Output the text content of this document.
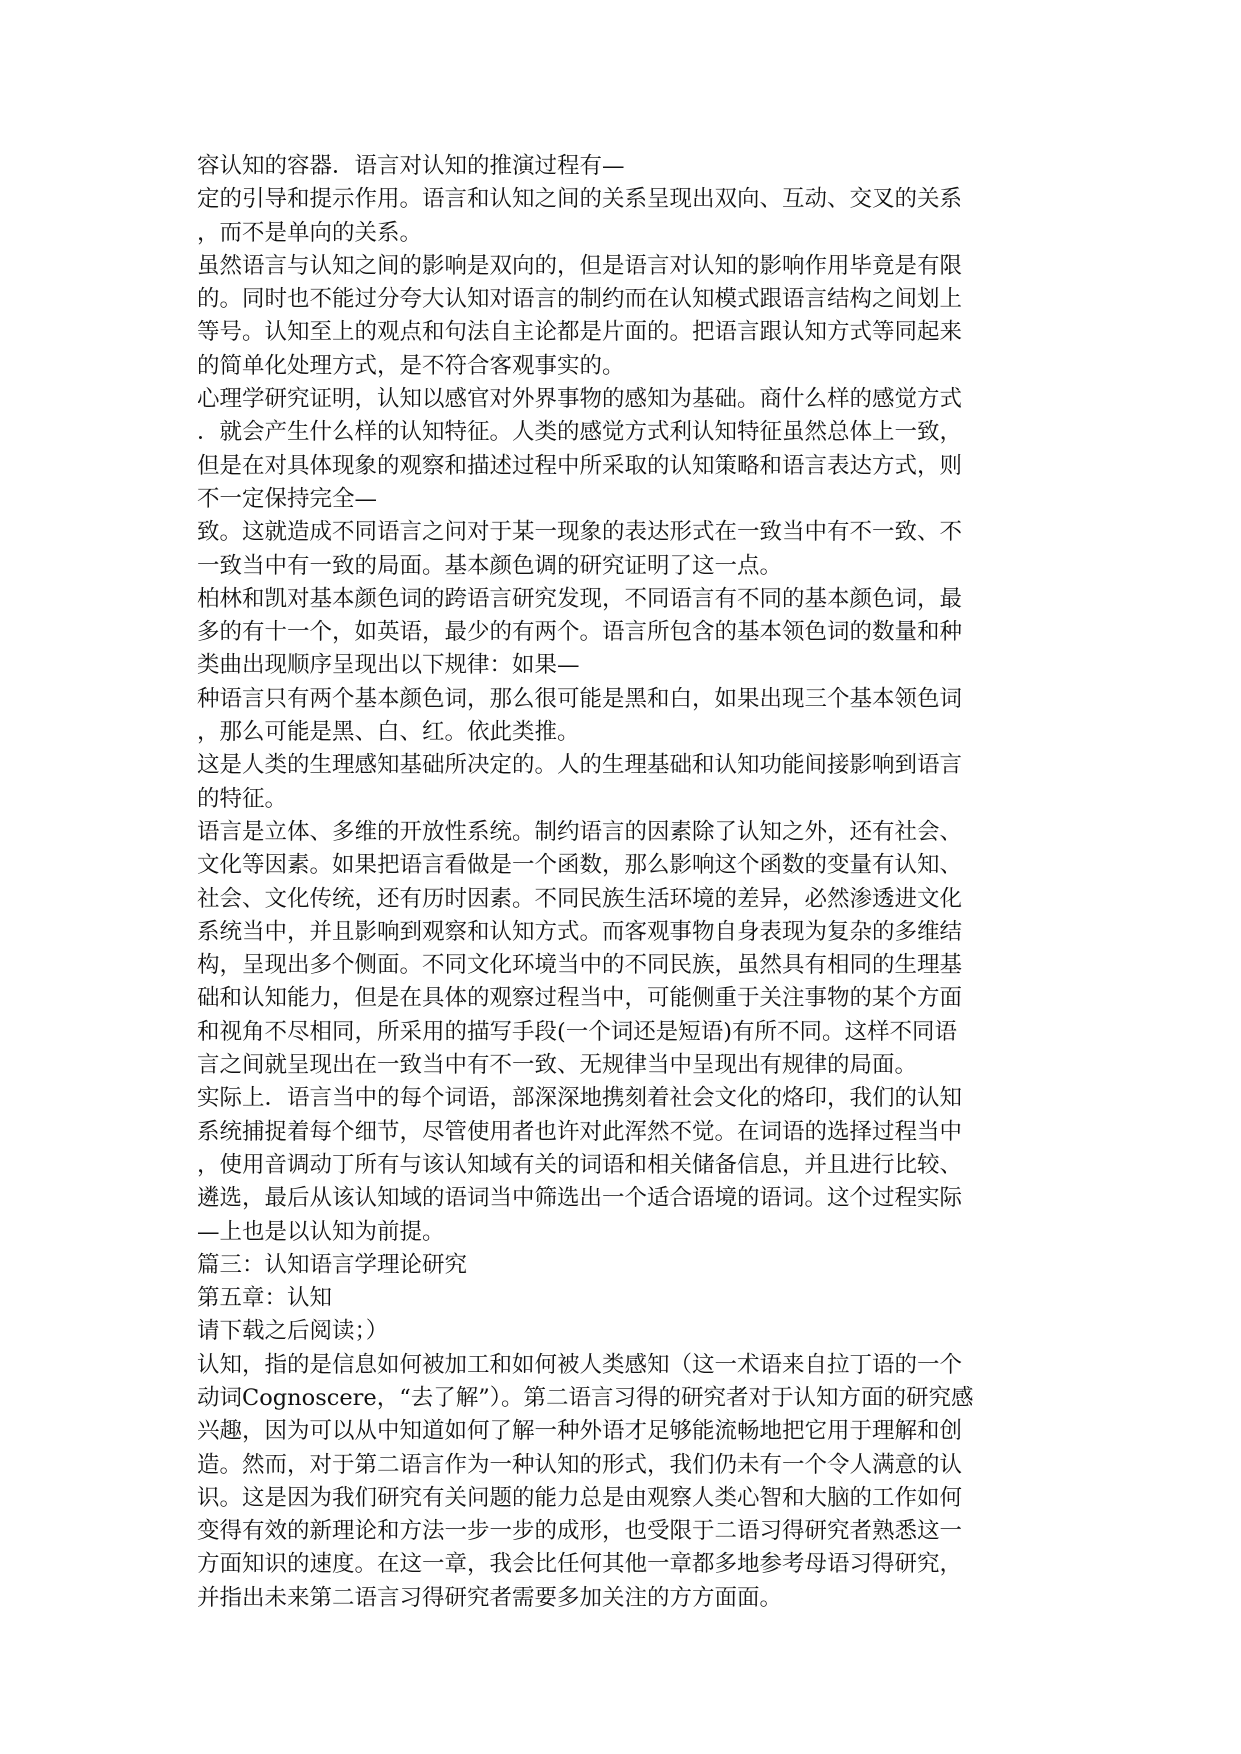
容认知的容器．语言对认知的推演过程有—
定的引导和提示作用。语言和认知之间的关系呈现出双向、互动、交叉的关系
，而不是单向的关系。
虽然语言与认知之间的影响是双向的，但是语言对认知的影响作用毕竟是有限
的。同时也不能过分夸大认知对语言的制约而在认知模式跟语言结构之间划上
等号。认知至上的观点和句法自主论都是片面的。把语言跟认知方式等同起来
的简单化处理方式，是不符合客观事实的。
心理学研究证明，认知以感官对外界事物的感知为基础。商什么样的感觉方式
．就会产生什么样的认知特征。人类的感觉方式利认知特征虽然总体上一致，
但是在对具体现象的观察和描述过程中所采取的认知策略和语言表达方式，则
不一定保持完全—
致。这就造成不同语言之问对于某一现象的表达形式在一致当中有不一致、不
一致当中有一致的局面。基本颜色调的研究证明了这一点。
柏林和凯对基本颜色词的跨语言研究发现，不同语言有不同的基本颜色词，最
多的有十一个，如英语，最少的有两个。语言所包含的基本领色词的数量和种
类曲出现顺序呈现出以下规律：如果—
种语言只有两个基本颜色词，那么很可能是黑和白，如果出现三个基本领色词
，那么可能是黑、白、红。依此类推。
这是人类的生理感知基础所决定的。人的生理基础和认知功能间接影响到语言
的特征。
语言是立体、多维的开放性系统。制约语言的因素除了认知之外，还有社会、
文化等因素。如果把语言看做是一个函数，那么影响这个函数的变量有认知、
社会、文化传统，还有历时因素。不同民族生活环境的差异，必然渗透进文化
系统当中，并且影响到观察和认知方式。而客观事物自身表现为复杂的多维结
构，呈现出多个侧面。不同文化环境当中的不同民族，虽然具有相同的生理基
础和认知能力，但是在具体的观察过程当中，可能侧重于关注事物的某个方面
和视角不尽相同，所采用的描写手段(一个词还是短语)有所不同。这样不同语
言之间就呈现出在一致当中有不一致、无规律当中呈现出有规律的局面。
实际上．语言当中的每个词语，部深深地携刻着社会文化的烙印，我们的认知
系统捕捉着每个细节，尽管使用者也许对此浑然不觉。在词语的选择过程当中
，使用音调动丁所有与该认知域有关的词语和相关储备信息，并且进行比较、
遴选，最后从该认知域的语词当中筛选出一个适合语境的语词。这个过程实际
—上也是以认知为前提。
篇三：认知语言学理论研究
第五章：认知
请下载之后阅读；）
认知，指的是信息如何被加工和如何被人类感知（这一术语来自拉丁语的一个
动词Cognoscere，“去了解”）。第二语言习得的研究者对于认知方面的研究感
兴趣，因为可以从中知道如何了解一种外语才足够能流畅地把它用于理解和创
造。然而，对于第二语言作为一种认知的形式，我们仍未有一个令人满意的认
识。这是因为我们研究有关问题的能力总是由观察人类心智和大脑的工作如何
变得有效的新理论和方法一步一步的成形，也受限于二语习得研究者熟悉这一
方面知识的速度。在这一章，我会比任何其他一章都多地参考母语习得研究，
并指出未来第二语言习得研究者需要多加关注的方方面面。
